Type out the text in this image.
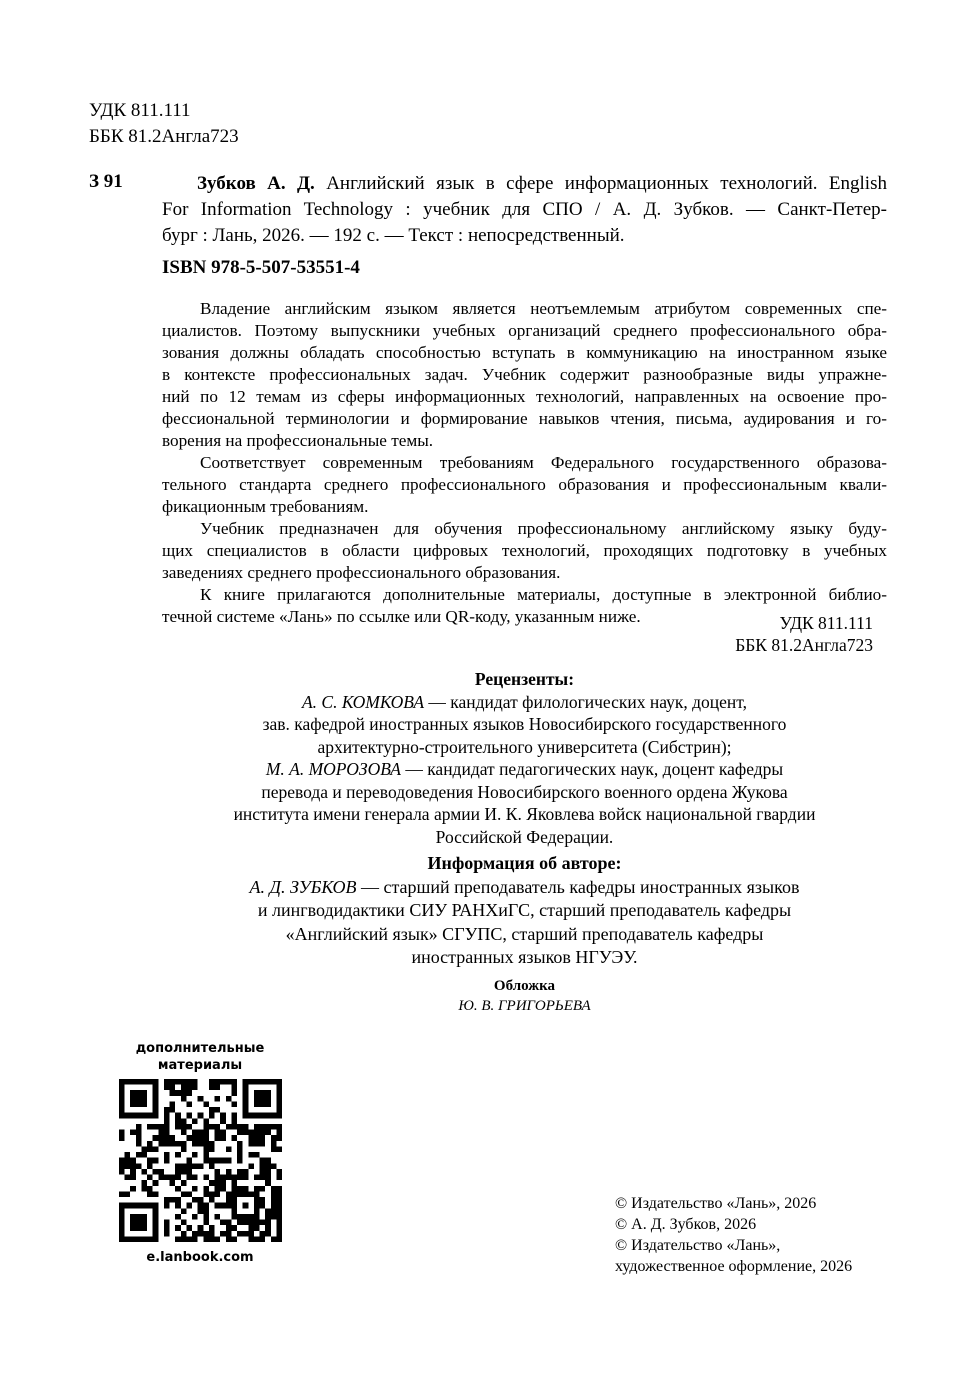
УДК 811.111
ББК 81.2Англа723
З 91	Зубков А. Д. Английский язык в сфере информационных технологий. English
For Information Technology : учебник для СПО / А. Д. Зубков. — Санкт-Петер-
бург : Лань, 2026. — 192 с. — Текст : непосредственный.
ISBN 978-5-507-53551-4
Владение английским языком является неотъемлемым атрибутом современных спе-
циалистов. Поэтому выпускники учебных организаций среднего профессионального обра-
зования должны обладать способностью вступать в коммуникацию на иностранном языке
в контексте профессиональных задач. Учебник содержит разнообразные виды упражне-
ний по 12 темам из сферы информационных технологий, направленных на освоение про-
фессиональной терминологии и формирование навыков чтения, письма, аудирования и го-
ворения на профессиональные темы.
Соответствует современным требованиям Федерального государственного образова-
тельного стандарта среднего профессионального образования и профессиональным квали-
фикационным требованиям.
Учебник предназначен для обучения профессиональному английскому языку буду-
щих специалистов в области цифровых технологий, проходящих подготовку в учебных
заведениях среднего профессионального образования.
К книге прилагаются дополнительные материалы, доступные в электронной библио-
течной системе «Лань» по ссылке или QR-коду, указанным ниже.	УДК 811.111
ББК 81.2Англа723
Рецензенты:
А. С. КОМКОВА — кандидат филологических наук, доцент,
зав. кафедрой иностранных языков Новосибирского государственного
архитектурно-строительного университета (Сибстрин);
М. А. МОРОЗОВА — кандидат педагогических наук, доцент кафедры
перевода и переводоведения Новосибирского военного ордена Жукова
института имени генерала армии И. К. Яковлева войск национальной гвардии
Российской Федерации.
Информация об авторе:
А. Д. ЗУБКОВ — старший преподаватель кафедры иностранных языков
и лингводидактики СИУ РАНХиГС, старший преподаватель кафедры
«Английский язык» СГУПС, старший преподаватель кафедры
иностранных языков НГУЭУ.
Обложка
Ю. В. ГРИГОРЬЕВА
дополнительные
материалы
e.lanbook.com
© Издательство «Лань», 2026
© А. Д. Зубков, 2026
© Издательство «Лань»,
художественное оформление, 2026
